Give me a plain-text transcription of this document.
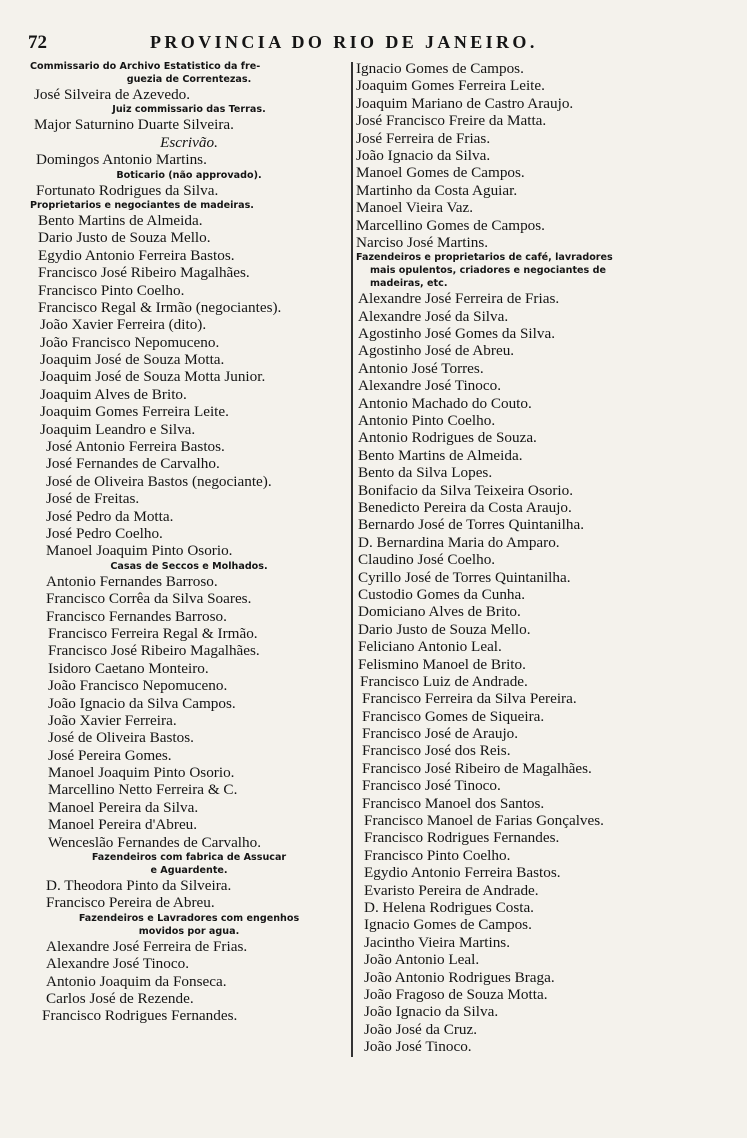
72	PROVINCIA DO RIO DE JANEIRO.
Commissario do Archivo Estatistico da fre-
guezia de Correntezas.
José Silveira de Azevedo.
Juiz commissario das Terras.
Major Saturnino Duarte Silveira.
Escrivão.
Domingos Antonio Martins.
Boticario (não approvado).
Fortunato Rodrigues da Silva.
Proprietarios e negociantes de madeiras.
Bento Martins de Almeida.
Dario Justo de Souza Mello.
Egydio Antonio Ferreira Bastos.
Francisco José Ribeiro Magalhães.
Francisco Pinto Coelho.
Francisco Regal & Irmão (negociantes).
João Xavier Ferreira (dito).
João Francisco Nepomuceno.
Joaquim José de Souza Motta.
Joaquim José de Souza Motta Junior.
Joaquim Alves de Brito.
Joaquim Gomes Ferreira Leite.
Joaquim Leandro e Silva.
José Antonio Ferreira Bastos.
José Fernandes de Carvalho.
José de Oliveira Bastos (negociante).
José de Freitas.
José Pedro da Motta.
José Pedro Coelho.
Manoel Joaquim Pinto Osorio.
Casas de Seccos e Molhados.
Antonio Fernandes Barroso.
Francisco Corrêa da Silva Soares.
Francisco Fernandes Barroso.
Francisco Ferreira Regal & Irmão.
Francisco José Ribeiro Magalhães.
Isidoro Caetano Monteiro.
João Francisco Nepomuceno.
João Ignacio da Silva Campos.
João Xavier Ferreira.
José de Oliveira Bastos.
José Pereira Gomes.
Manoel Joaquim Pinto Osorio.
Marcellino Netto Ferreira & C.
Manoel Pereira da Silva.
Manoel Pereira d'Abreu.
Wenceslão Fernandes de Carvalho.
Fazendeiros com fabrica de Assucar
e Aguardente.
D. Theodora Pinto da Silveira.
Francisco Pereira de Abreu.
Fazendeiros e Lavradores com engenhos
movidos por agua.
Alexandre José Ferreira de Frias.
Alexandre José Tinoco.
Antonio Joaquim da Fonseca.
Carlos José de Rezende.
Francisco Rodrigues Fernandes.
Ignacio Gomes de Campos.
Joaquim Gomes Ferreira Leite.
Joaquim Mariano de Castro Araujo.
José Francisco Freire da Matta.
José Ferreira de Frias.
João Ignacio da Silva.
Manoel Gomes de Campos.
Martinho da Costa Aguiar.
Manoel Vieira Vaz.
Marcellino Gomes de Campos.
Narciso José Martins.
Fazendeiros e proprietarios de café, lavradores
mais opulentos, criadores e negociantes de
madeiras, etc.
Alexandre José Ferreira de Frias.
Alexandre José da Silva.
Agostinho José Gomes da Silva.
Agostinho José de Abreu.
Antonio José Torres.
Alexandre José Tinoco.
Antonio Machado do Couto.
Antonio Pinto Coelho.
Antonio Rodrigues de Souza.
Bento Martins de Almeida.
Bento da Silva Lopes.
Bonifacio da Silva Teixeira Osorio.
Benedicto Pereira da Costa Araujo.
Bernardo José de Torres Quintanilha.
D. Bernardina Maria do Amparo.
Claudino José Coelho.
Cyrillo José de Torres Quintanilha.
Custodio Gomes da Cunha.
Domiciano Alves de Brito.
Dario Justo de Souza Mello.
Feliciano Antonio Leal.
Felismino Manoel de Brito.
Francisco Luiz de Andrade.
Francisco Ferreira da Silva Pereira.
Francisco Gomes de Siqueira.
Francisco José de Araujo.
Francisco José dos Reis.
Francisco José Ribeiro de Magalhães.
Francisco José Tinoco.
Francisco Manoel dos Santos.
Francisco Manoel de Farias Gonçalves.
Francisco Rodrigues Fernandes.
Francisco Pinto Coelho.
Egydio Antonio Ferreira Bastos.
Evaristo Pereira de Andrade.
D. Helena Rodrigues Costa.
Ignacio Gomes de Campos.
Jacintho Vieira Martins.
João Antonio Leal.
João Antonio Rodrigues Braga.
João Fragoso de Souza Motta.
João Ignacio da Silva.
João José da Cruz.
João José Tinoco.
